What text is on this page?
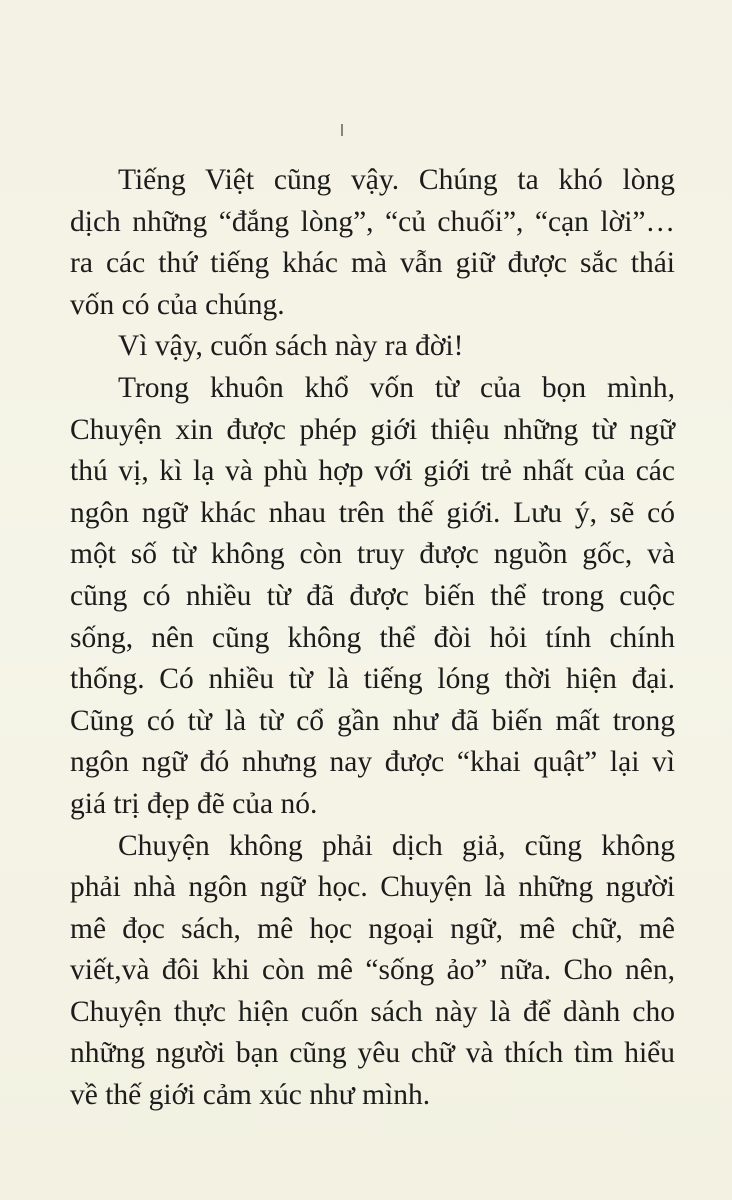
Tiếng Việt cũng vậy. Chúng ta khó lòng
dịch những “đắng lòng”, “củ chuối”, “cạn lời”…
ra các thứ tiếng khác mà vẫn giữ được sắc thái
vốn có của chúng.

Vì vậy, cuốn sách này ra đời!

Trong khuôn khổ vốn từ của bọn mình,
Chuyện xin được phép giới thiệu những từ ngữ
thú vị, kì lạ và phù hợp với giới trẻ nhất của các
ngôn ngữ khác nhau trên thế giới. Lưu ý, sẽ có
một số từ không còn truy được nguồn gốc, và
cũng có nhiều từ đã được biến thể trong cuộc
sống, nên cũng không thể đòi hỏi tính chính
thống. Có nhiều từ là tiếng lóng thời hiện đại.
Cũng có từ là từ cổ gần như đã biến mất trong
ngôn ngữ đó nhưng nay được “khai quật” lại vì
giá trị đẹp đẽ của nó.

Chuyện không phải dịch giả, cũng không
phải nhà ngôn ngữ học. Chuyện là những người
mê đọc sách, mê học ngoại ngữ, mê chữ, mê
viết,và đôi khi còn mê “sống ảo” nữa. Cho nên,
Chuyện thực hiện cuốn sách này là để dành cho
những người bạn cũng yêu chữ và thích tìm hiểu
về thế giới cảm xúc như mình.
